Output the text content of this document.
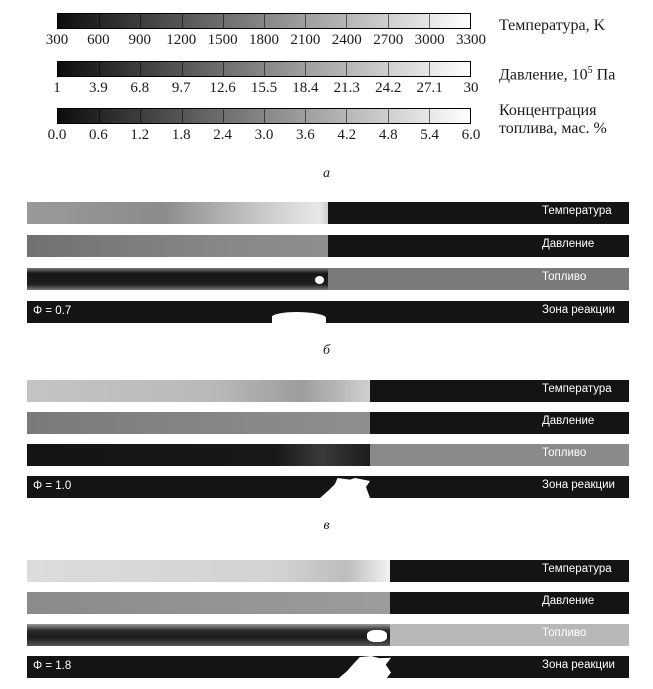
300 600 900 1200 1500 1800 2100 2400 2700 3000 3300
Температура, K
1 3.9 6.8 9.7 12.6 15.5 18.4 21.3 24.2 27.1 30
Давление, $10^5$ Па
0.0 0.6 1.2 1.8 2.4 3.0 3.6 4.2 4.8 5.4 6.0
Концентрация
топлива, мас. %
а
Температура
Давление
Топливо
Φ = 0.7	Зона реакции
б
Температура
Давление
Топливо
Φ = 1.0	Зона реакции
в
Температура
Давление
Топливо
Φ = 1.8	Зона реакции
